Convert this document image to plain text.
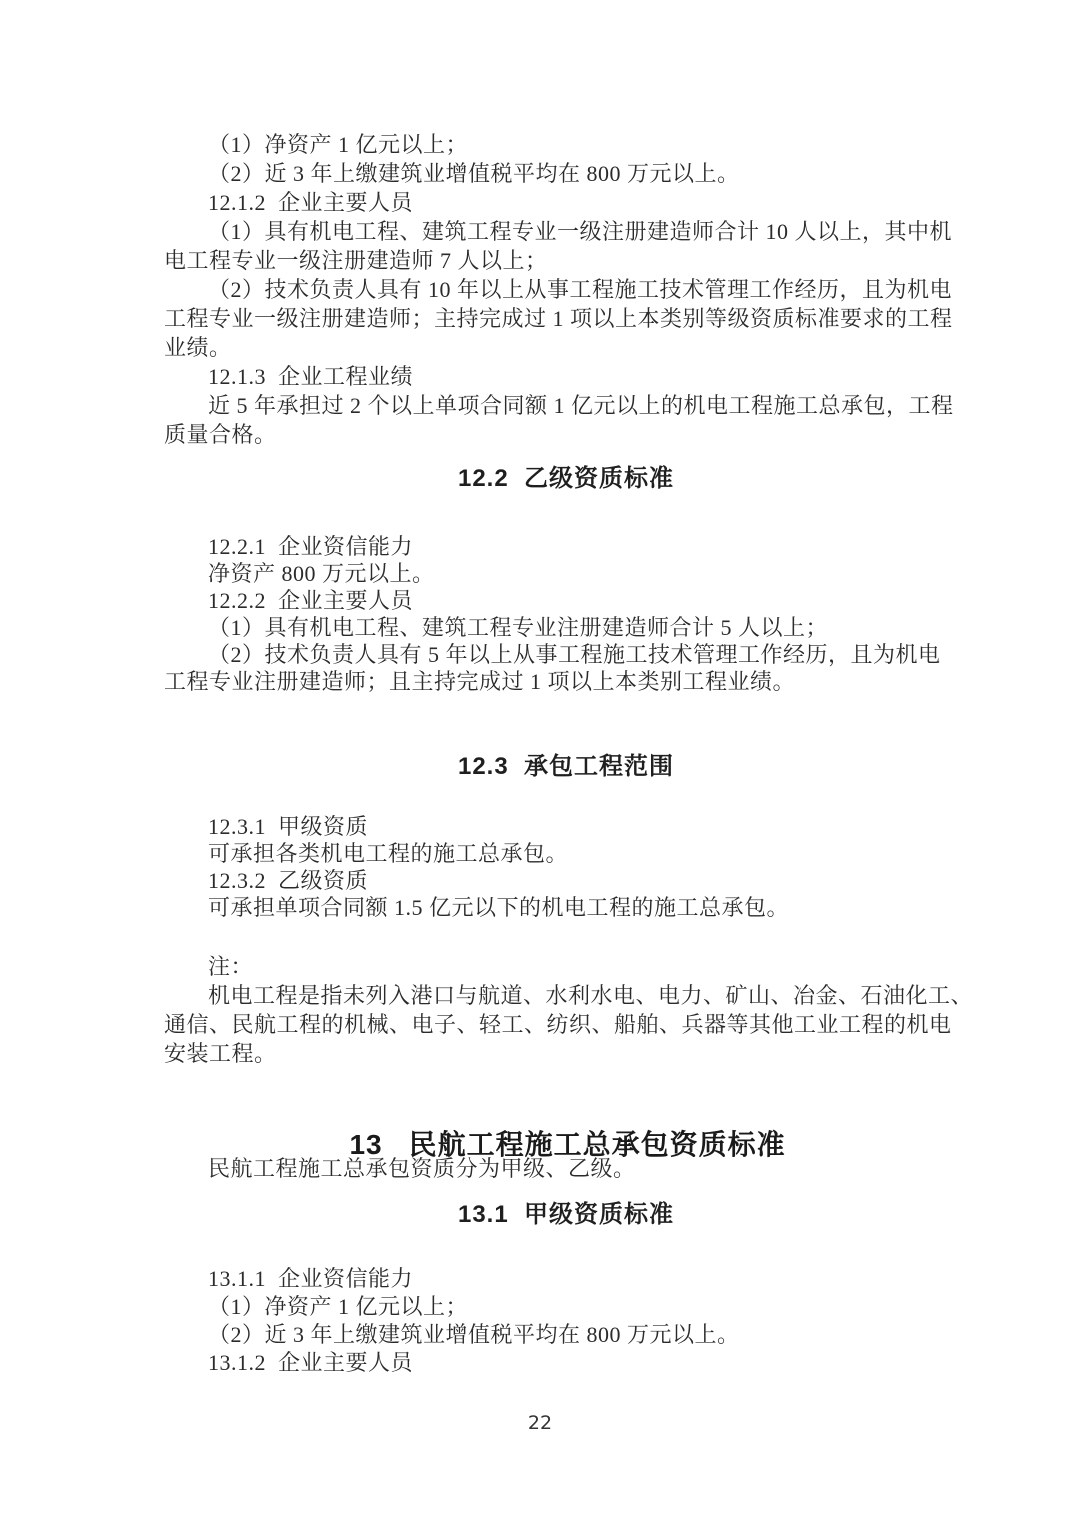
（1）净资产 1 亿元以上；
（2）近 3 年上缴建筑业增值税平均在 800 万元以上。
12.1.2  企业主要人员
（1）具有机电工程、建筑工程专业一级注册建造师合计 10 人以上，其中机
电工程专业一级注册建造师 7 人以上；
（2）技术负责人具有 10 年以上从事工程施工技术管理工作经历，且为机电
工程专业一级注册建造师；主持完成过 1 项以上本类别等级资质标准要求的工程
业绩。
12.1.3  企业工程业绩
近 5 年承担过 2 个以上单项合同额 1 亿元以上的机电工程施工总承包，工程
质量合格。
12.2  乙级资质标准
12.2.1  企业资信能力
净资产 800 万元以上。
12.2.2  企业主要人员
（1）具有机电工程、建筑工程专业注册建造师合计 5 人以上；
（2）技术负责人具有 5 年以上从事工程施工技术管理工作经历，且为机电
工程专业注册建造师；且主持完成过 1 项以上本类别工程业绩。
12.3  承包工程范围
12.3.1  甲级资质
可承担各类机电工程的施工总承包。
12.3.2  乙级资质
可承担单项合同额 1.5 亿元以下的机电工程的施工总承包。
注：
机电工程是指未列入港口与航道、水利水电、电力、矿山、冶金、石油化工、
通信、民航工程的机械、电子、轻工、纺织、船舶、兵器等其他工业工程的机电
安装工程。

13 民航工程施工总承包资质标准

民航工程施工总承包资质分为甲级、乙级。
13.1  甲级资质标准
13.1.1  企业资信能力
（1）净资产 1 亿元以上；
（2）近 3 年上缴建筑业增值税平均在 800 万元以上。
13.1.2  企业主要人员
22
